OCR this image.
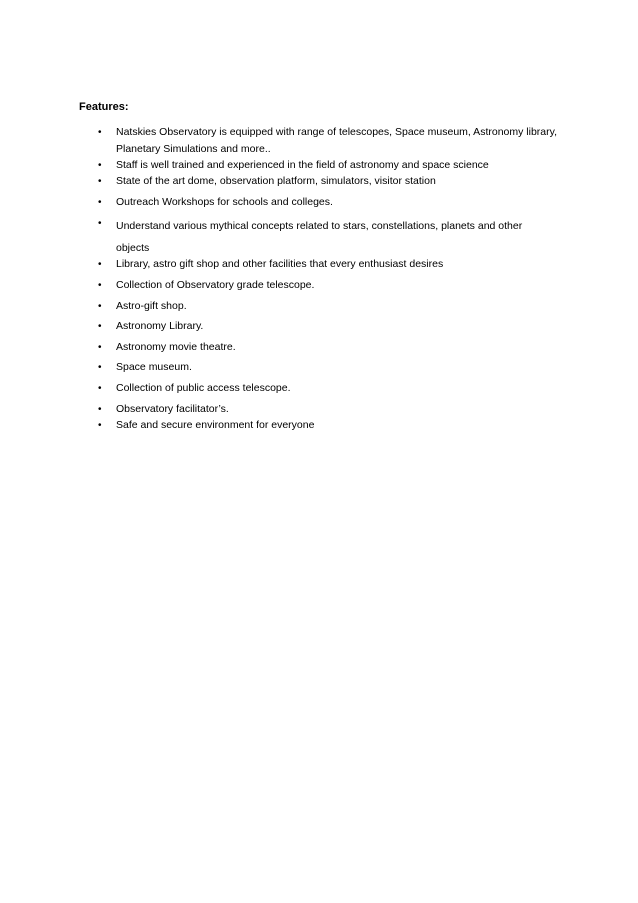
Features:

•	Natskies Observatory is equipped with range of telescopes, Space museum, Astronomy library, Planetary Simulations and more..
•	Staff is well trained and experienced in the field of astronomy and space science
•	State of the art dome, observation platform, simulators, visitor station
•	Outreach Workshops for schools and colleges.
•	Understand various mythical concepts related to stars, constellations, planets and other objects
•	Library, astro gift shop and other facilities that every enthusiast desires
•	Collection of Observatory grade telescope.
•	Astro-gift shop.
•	Astronomy Library.
•	Astronomy movie theatre.
•	Space museum.
•	Collection of public access telescope.
•	Observatory facilitator’s.
•	Safe and secure environment for everyone
